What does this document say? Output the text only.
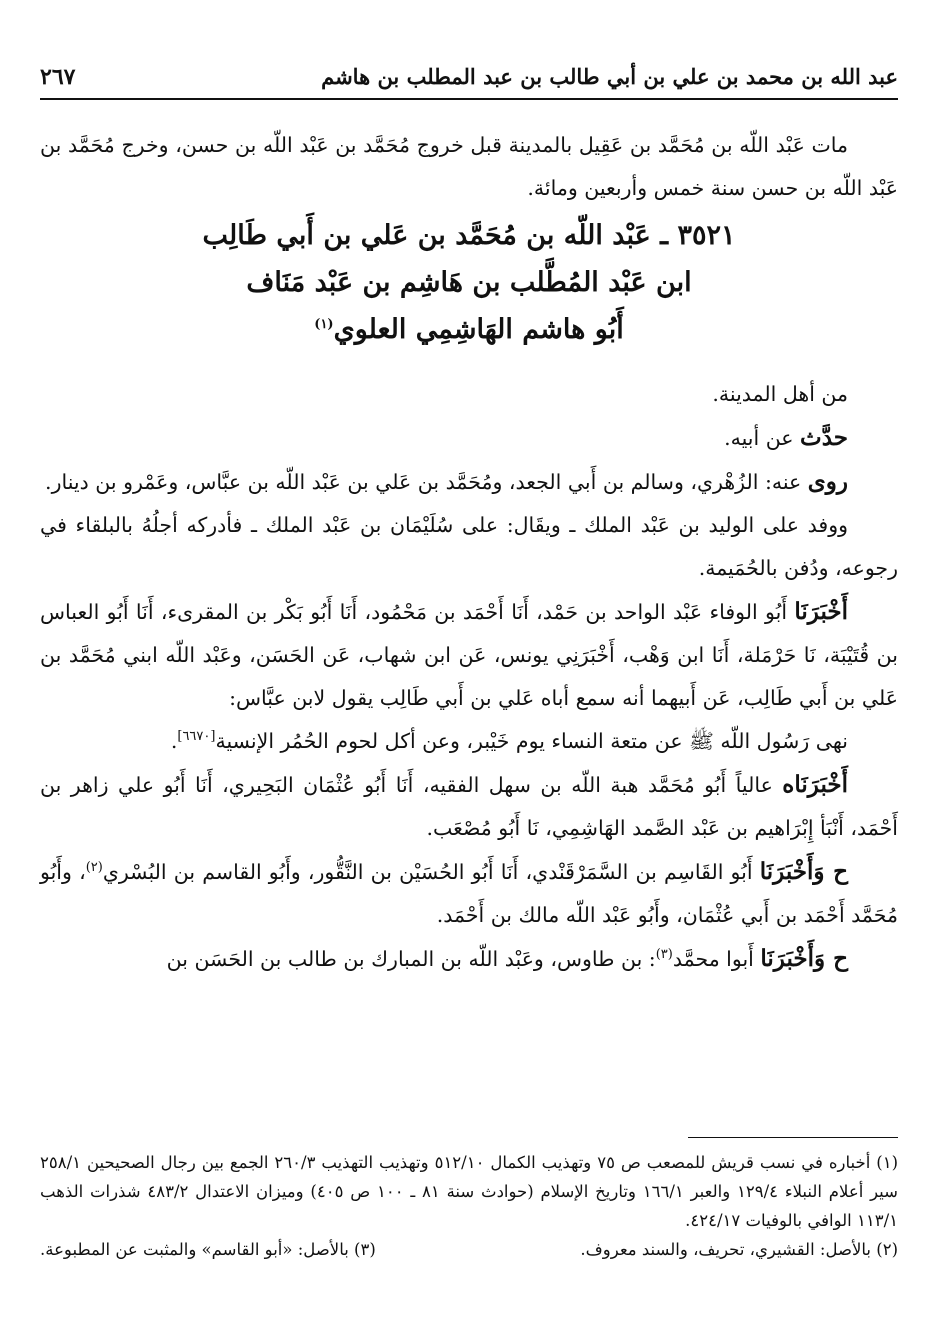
عبد الله بن محمد بن علي بن أبي طالب بن عبد المطلب بن هاشم
٢٦٧

مات عَبْد اللّه بن مُحَمَّد بن عَقِيل بالمدينة قبل خروج مُحَمَّد بن عَبْد اللّه بن حسن، وخرج مُحَمَّد بن عَبْد اللّه بن حسن سنة خمس وأربعين ومائة.

٣٥٢١ ـ عَبْد اللّه بن مُحَمَّد بن عَلي بن أَبي طَالِب
ابن عَبْد المُطَّلب بن هَاشِم بن عَبْد مَنَاف
أَبُو هاشم الهَاشِمِي العلوي$^{(١)}$

من أهل المدينة.

حدَّث عن أبيه.

روى عنه: الزُهْري، وسالم بن أَبي الجعد، ومُحَمَّد بن عَلي بن عَبْد اللّه بن عبَّاس، وعَمْرو بن دينار.

ووفد على الوليد بن عَبْد الملك ـ ويقَال: على سُلَيْمَان بن عَبْد الملك ـ فأدركه أجلُهُ بالبلقاء في رجوعه، ودُفن بالحُمَيمة.

أَخْبَرَنَا أَبُو الوفاء عَبْد الواحد بن حَمْد، أَنَا أَحْمَد بن مَحْمُود، أَنَا أَبُو بَكْر بن المقرىء، أَنَا أَبُو العباس بن قُتَيْبَة، نَا حَرْمَلة، أَنَا ابن وَهْب، أَخْبَرَنِي يونس، عَن ابن شهاب، عَن الحَسَن، وعَبْد اللّه ابني مُحَمَّد بن عَلي بن أَبي طَالِب، عَن أَبيهما أنه سمع أباه عَلي بن أَبي طَالِب يقول لابن عبَّاس:

نهى رَسُول اللّه ﷺ عن متعة النساء يوم خَيْبر، وعن أكل لحوم الحُمُر الإنسية[٦٦٧٠].

أَخْبَرَنَاه عالياً أَبُو مُحَمَّد هبة اللّه بن سهل الفقيه، أَنَا أَبُو عُثْمَان البَحِيري، أَنَا أَبُو علي زاهر بن أَحْمَد، أَنْبَأ إِبْرَاهيم بن عَبْد الصَّمد الهَاشِمِي، نَا أَبُو مُصْعَب.

ح وَأَخْبَرَنَا أَبُو القَاسِم بن السَّمَرْقَنْدي، أَنَا أَبُو الحُسَيْن بن النَّقُّور، وأَبُو القاسم بن البُسْري$^{(٢)}$، وأَبُو مُحَمَّد أَحْمَد بن أَبي عُثْمَان، وأَبُو عَبْد اللّه مالك بن أَحْمَد.

ح وَأَخْبَرَنَا أَبوا محمَّد$^{(٣)}$: بن طاوس، وعَبْد اللّه بن المبارك بن طالب بن الحَسَن بن

(١) أخباره في نسب قريش للمصعب ص ٧٥ وتهذيب الكمال ٥١٢/١٠ وتهذيب التهذيب ٢٦٠/٣ الجمع بين رجال الصحيحين ٢٥٨/١ سير أعلام النبلاء ١٢٩/٤ والعبر ١٦٦/١ وتاريخ الإسلام (حوادث سنة ٨١ ـ ١٠٠ ص ٤٠٥) وميزان الاعتدال ٤٨٣/٢ شذرات الذهب ١١٣/١ الوافي بالوفيات ٤٢٤/١٧.

(٢) بالأصل: القشيري، تحريف، والسند معروف.
(٣) بالأصل: «أبو القاسم» والمثبت عن المطبوعة.
